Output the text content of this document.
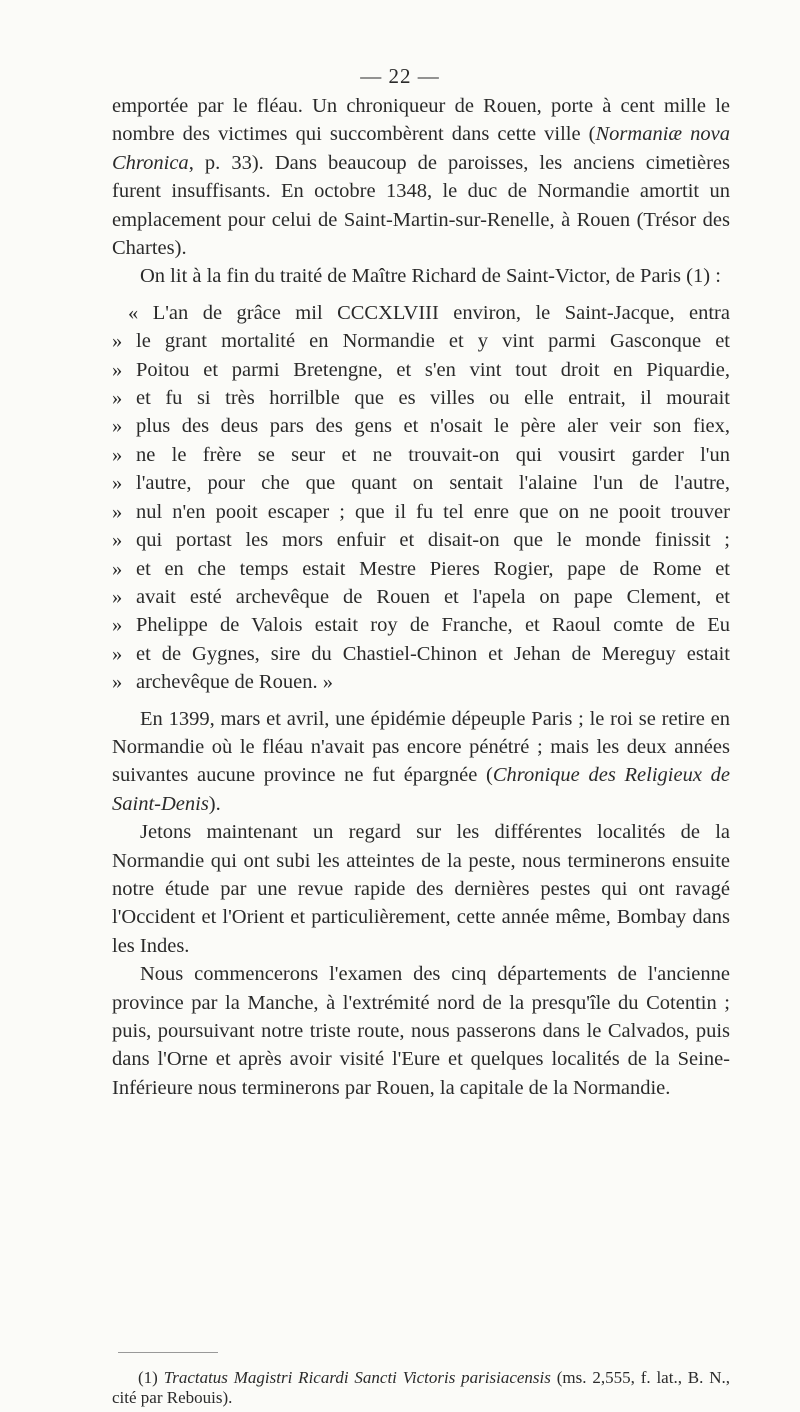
— 22 —

emportée par le fléau. Un chroniqueur de Rouen, porte à cent mille le nombre des victimes qui succombèrent dans cette ville (Normaniæ nova Chronica, p. 33). Dans beaucoup de paroisses, les anciens cimetières furent insuffisants. En octobre 1348, le duc de Normandie amortit un emplacement pour celui de Saint-Martin-sur-Renelle, à Rouen (Trésor des Chartes).

On lit à la fin du traité de Maître Richard de Saint-Victor, de Paris (1) :

« L'an de grâce mil CCCXLVIII environ, le Saint-Jacque, entra
» le grant mortalité en Normandie et y vint parmi Gasconque et
» Poitou et parmi Bretengne, et s'en vint tout droit en Piquardie,
» et fu si très horrilble que es villes ou elle entrait, il mourait
» plus des deus pars des gens et n'osait le père aler veir son fiex,
» ne le frère se seur et ne trouvait-on qui vousirt garder l'un
» l'autre, pour che que quant on sentait l'alaine l'un de l'autre,
» nul n'en pooit escaper ; que il fu tel enre que on ne pooit trouver
» qui portast les mors enfuir et disait-on que le monde finissit ;
» et en che temps estait Mestre Pieres Rogier, pape de Rome et
» avait esté archevêque de Rouen et l'apela on pape Clement, et
» Phelippe de Valois estait roy de Franche, et Raoul comte de Eu
» et de Gygnes, sire du Chastiel-Chinon et Jehan de Mereguy estait
» archevêque de Rouen. »

En 1399, mars et avril, une épidémie dépeuple Paris ; le roi se retire en Normandie où le fléau n'avait pas encore pénétré ; mais les deux années suivantes aucune province ne fut épargnée (Chronique des Religieux de Saint-Denis).

Jetons maintenant un regard sur les différentes localités de la Normandie qui ont subi les atteintes de la peste, nous terminerons ensuite notre étude par une revue rapide des dernières pestes qui ont ravagé l'Occident et l'Orient et particulièrement, cette année même, Bombay dans les Indes.

Nous commencerons l'examen des cinq départements de l'ancienne province par la Manche, à l'extrémité nord de la presqu'île du Cotentin ; puis, poursuivant notre triste route, nous passerons dans le Calvados, puis dans l'Orne et après avoir visité l'Eure et quelques localités de la Seine-Inférieure nous terminerons par Rouen, la capitale de la Normandie.

(1) Tractatus Magistri Ricardi Sancti Victoris parisiacensis (ms. 2,555, f. lat., B. N., cité par Rebouis).
